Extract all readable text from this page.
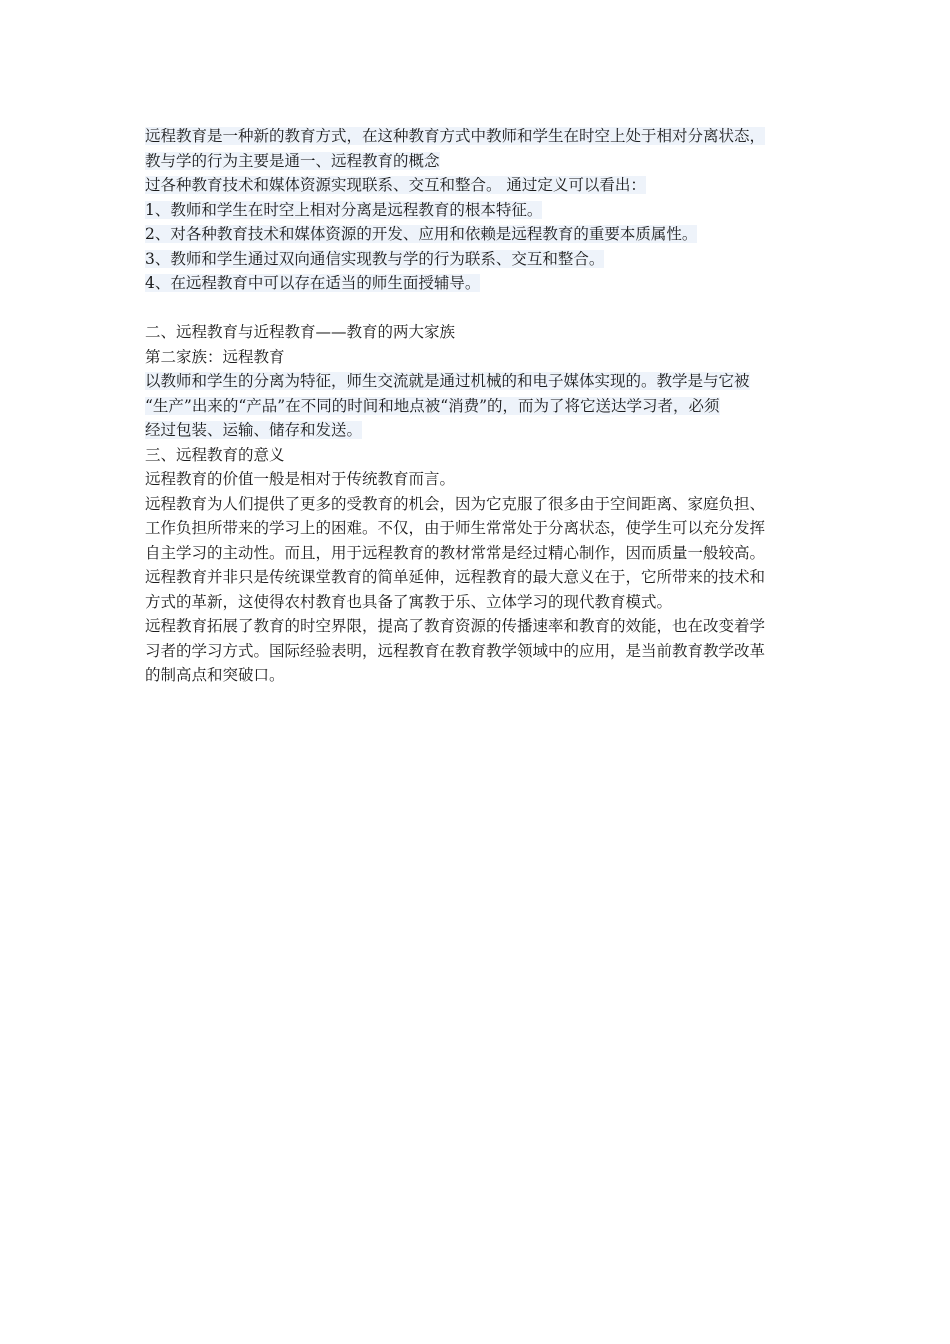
远程教育是一种新的教育方式，在这种教育方式中教师和学生在时空上处于相对分离状态，
教与学的行为主要是通一、远程教育的概念
过各种教育技术和媒体资源实现联系、交互和整合。 通过定义可以看出：
1、教师和学生在时空上相对分离是远程教育的根本特征。
2、对各种教育技术和媒体资源的开发、应用和依赖是远程教育的重要本质属性。
3、教师和学生通过双向通信实现教与学的行为联系、交互和整合。
4、在远程教育中可以存在适当的师生面授辅导。
二、远程教育与近程教育——教育的两大家族
第二家族：远程教育
以教师和学生的分离为特征，师生交流就是通过机械的和电子媒体实现的。教学是与它被
“生产”出来的“产品”在不同的时间和地点被“消费”的，而为了将它送达学习者，必须
经过包装、运输、储存和发送。
三、远程教育的意义
远程教育的价值一般是相对于传统教育而言。
远程教育为人们提供了更多的受教育的机会，因为它克服了很多由于空间距离、家庭负担、
工作负担所带来的学习上的困难。不仅，由于师生常常处于分离状态，使学生可以充分发挥
自主学习的主动性。而且，用于远程教育的教材常常是经过精心制作，因而质量一般较高。
远程教育并非只是传统课堂教育的简单延伸，远程教育的最大意义在于，它所带来的技术和
方式的革新，这使得农村教育也具备了寓教于乐、立体学习的现代教育模式。
远程教育拓展了教育的时空界限，提高了教育资源的传播速率和教育的效能，也在改变着学
习者的学习方式。国际经验表明，远程教育在教育教学领域中的应用，是当前教育教学改革
的制高点和突破口。
